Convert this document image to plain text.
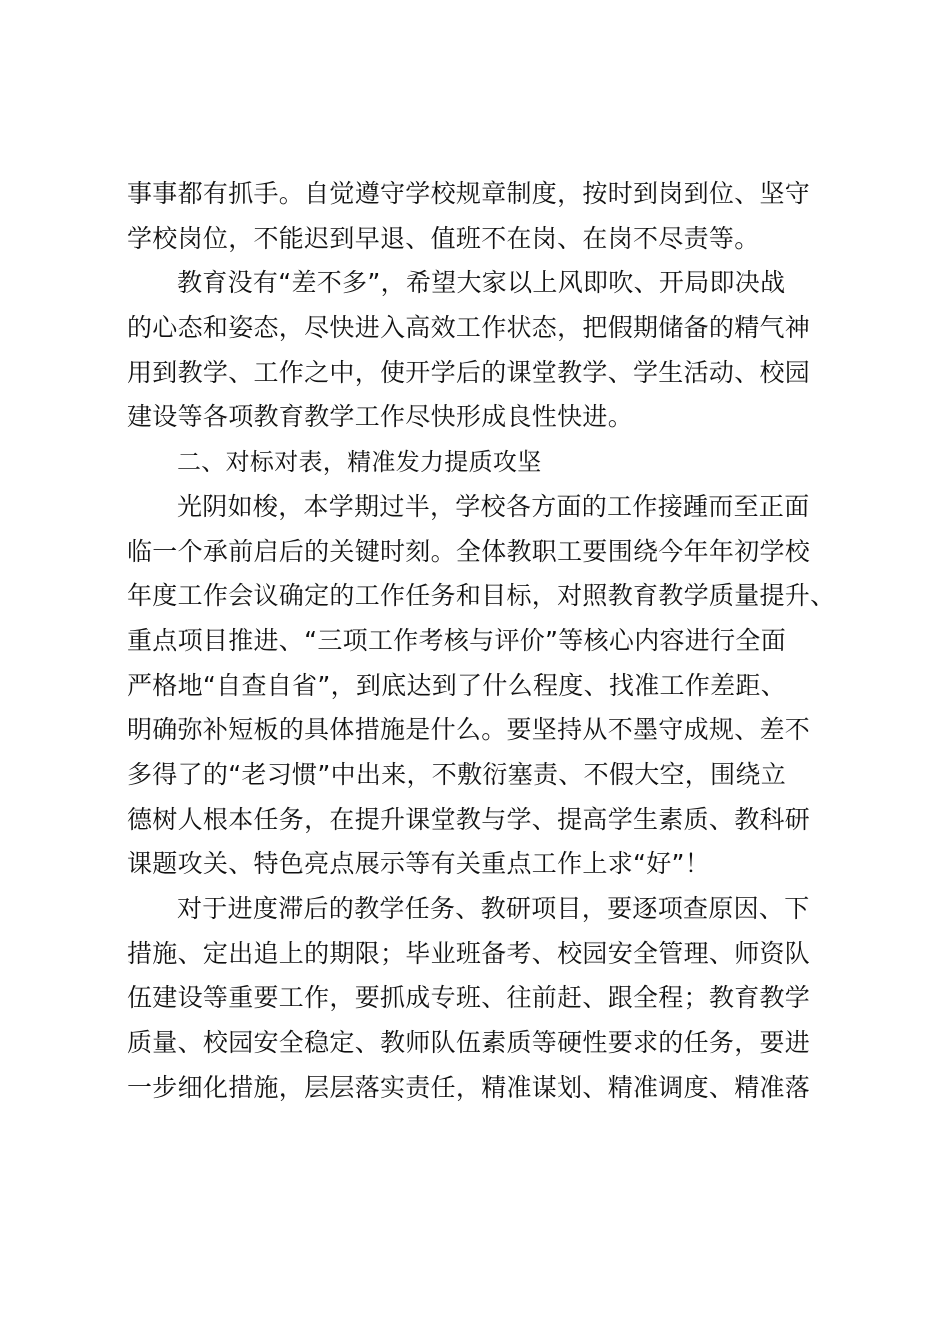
事事都有抓手。自觉遵守学校规章制度，按时到岗到位、坚守
学校岗位，不能迟到早退、值班不在岗、在岗不尽责等。
教育没有“差不多”，希望大家以上风即吹、开局即决战
的心态和姿态，尽快进入高效工作状态，把假期储备的精气神
用到教学、工作之中，使开学后的课堂教学、学生活动、校园
建设等各项教育教学工作尽快形成良性快进。
二、对标对表，精准发力提质攻坚
光阴如梭，本学期过半，学校各方面的工作接踵而至正面
临一个承前启后的关键时刻。全体教职工要围绕今年年初学校
年度工作会议确定的工作任务和目标，对照教育教学质量提升、
重点项目推进、“三项工作考核与评价”等核心内容进行全面
严格地“自查自省”，到底达到了什么程度、找准工作差距、
明确弥补短板的具体措施是什么。要坚持从不墨守成规、差不
多得了的“老习惯”中出来，不敷衍塞责、不假大空，围绕立
德树人根本任务，在提升课堂教与学、提高学生素质、教科研
课题攻关、特色亮点展示等有关重点工作上求“好”！
对于进度滞后的教学任务、教研项目，要逐项查原因、下
措施、定出追上的期限；毕业班备考、校园安全管理、师资队
伍建设等重要工作，要抓成专班、往前赶、跟全程；教育教学
质量、校园安全稳定、教师队伍素质等硬性要求的任务，要进
一步细化措施，层层落实责任，精准谋划、精准调度、精准落
